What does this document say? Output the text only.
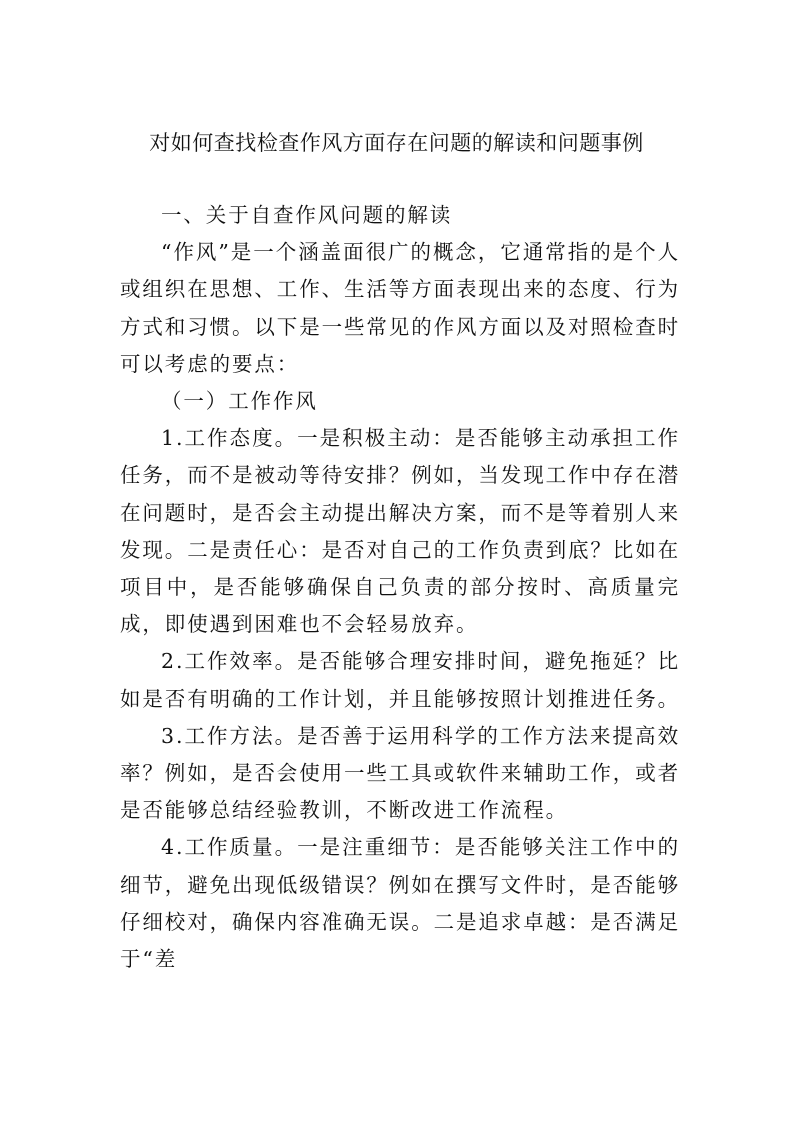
对如何查找检查作风方面存在问题的解读和问题事例

一、关于自查作风问题的解读

“作风”是一个涵盖面很广的概念，它通常指的是个人或组织在思想、工作、生活等方面表现出来的态度、行为方式和习惯。以下是一些常见的作风方面以及对照检查时可以考虑的要点：

（一）工作作风

1.工作态度。一是积极主动：是否能够主动承担工作任务，而不是被动等待安排？例如，当发现工作中存在潜在问题时，是否会主动提出解决方案，而不是等着别人来发现。二是责任心：是否对自己的工作负责到底？比如在项目中，是否能够确保自己负责的部分按时、高质量完成，即使遇到困难也不会轻易放弃。

2.工作效率。是否能够合理安排时间，避免拖延？比如是否有明确的工作计划，并且能够按照计划推进任务。

3.工作方法。是否善于运用科学的工作方法来提高效率？例如，是否会使用一些工具或软件来辅助工作，或者是否能够总结经验教训，不断改进工作流程。

4.工作质量。一是注重细节：是否能够关注工作中的细节，避免出现低级错误？例如在撰写文件时，是否能够仔细校对，确保内容准确无误。二是追求卓越：是否满足于“差
